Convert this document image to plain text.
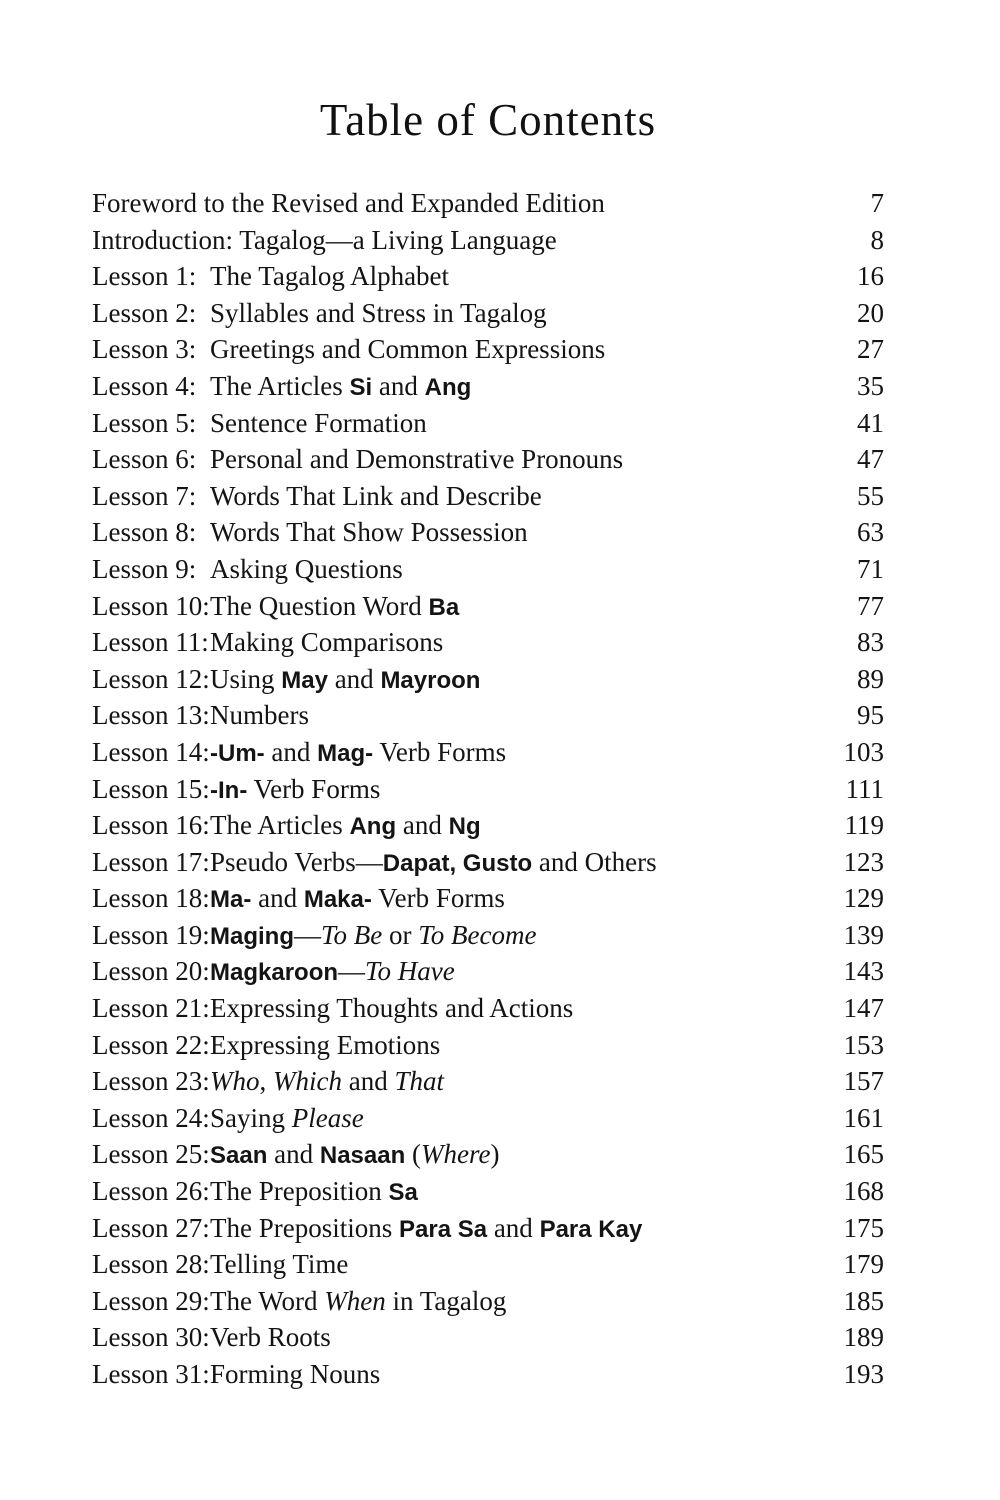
Table of Contents
Foreword to the Revised and Expanded Edition	7
Introduction: Tagalog—a Living Language	8
Lesson 1: The Tagalog Alphabet	16
Lesson 2: Syllables and Stress in Tagalog	20
Lesson 3: Greetings and Common Expressions	27
Lesson 4: The Articles Si and Ang	35
Lesson 5: Sentence Formation	41
Lesson 6: Personal and Demonstrative Pronouns	47
Lesson 7: Words That Link and Describe	55
Lesson 8: Words That Show Possession	63
Lesson 9: Asking Questions	71
Lesson 10:The Question Word Ba	77
Lesson 11:Making Comparisons	83
Lesson 12:Using May and Mayroon	89
Lesson 13:Numbers	95
Lesson 14:-Um- and Mag- Verb Forms	103
Lesson 15:-In- Verb Forms	111
Lesson 16:The Articles Ang and Ng	119
Lesson 17:Pseudo Verbs—Dapat, Gusto and Others	123
Lesson 18:Ma- and Maka- Verb Forms	129
Lesson 19:Maging—To Be or To Become	139
Lesson 20:Magkaroon—To Have	143
Lesson 21:Expressing Thoughts and Actions	147
Lesson 22:Expressing Emotions	153
Lesson 23:Who, Which and That	157
Lesson 24:Saying Please	161
Lesson 25:Saan and Nasaan (Where)	165
Lesson 26:The Preposition Sa	168
Lesson 27:The Prepositions Para Sa and Para Kay	175
Lesson 28:Telling Time	179
Lesson 29:The Word When in Tagalog	185
Lesson 30:Verb Roots	189
Lesson 31:Forming Nouns	193
